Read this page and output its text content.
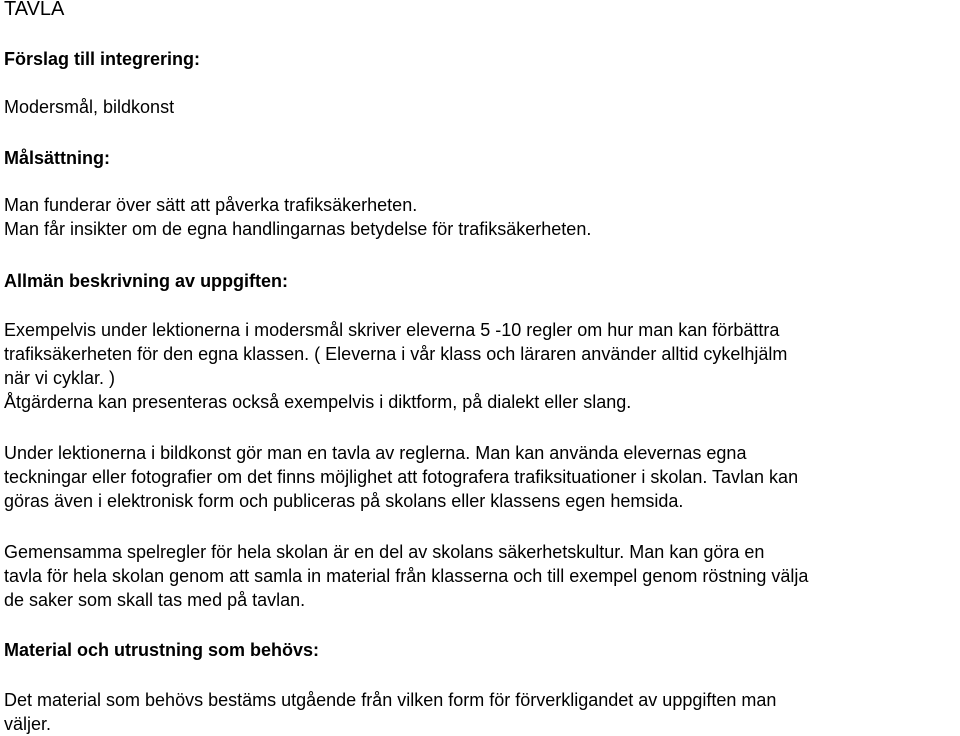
TAVLA
Förslag till integrering:
Modersmål, bildkonst
Målsättning:
Man funderar över sätt att påverka trafiksäkerheten.
Man får insikter om de egna handlingarnas betydelse för trafiksäkerheten.
Allmän beskrivning av uppgiften:
Exempelvis under lektionerna i modersmål skriver eleverna 5 -10 regler om hur man kan förbättra
trafiksäkerheten för den egna klassen. ( Eleverna i vår klass och läraren använder alltid cykelhjälm
när vi cyklar. )
Åtgärderna kan presenteras också exempelvis i diktform, på dialekt eller slang.
Under lektionerna i bildkonst gör man en tavla av reglerna. Man kan använda elevernas egna
teckningar eller fotografier om det finns möjlighet att fotografera trafiksituationer i skolan. Tavlan kan
göras även i elektronisk form och publiceras på skolans eller klassens egen hemsida.
Gemensamma spelregler för hela skolan är en del av skolans säkerhetskultur. Man kan göra en
tavla för hela skolan genom att samla in material från klasserna och till exempel genom röstning välja
de saker som skall tas med på tavlan.
Material och utrustning som behövs:
Det material som behövs bestäms utgående från vilken form för förverkligandet av uppgiften man
väljer.
